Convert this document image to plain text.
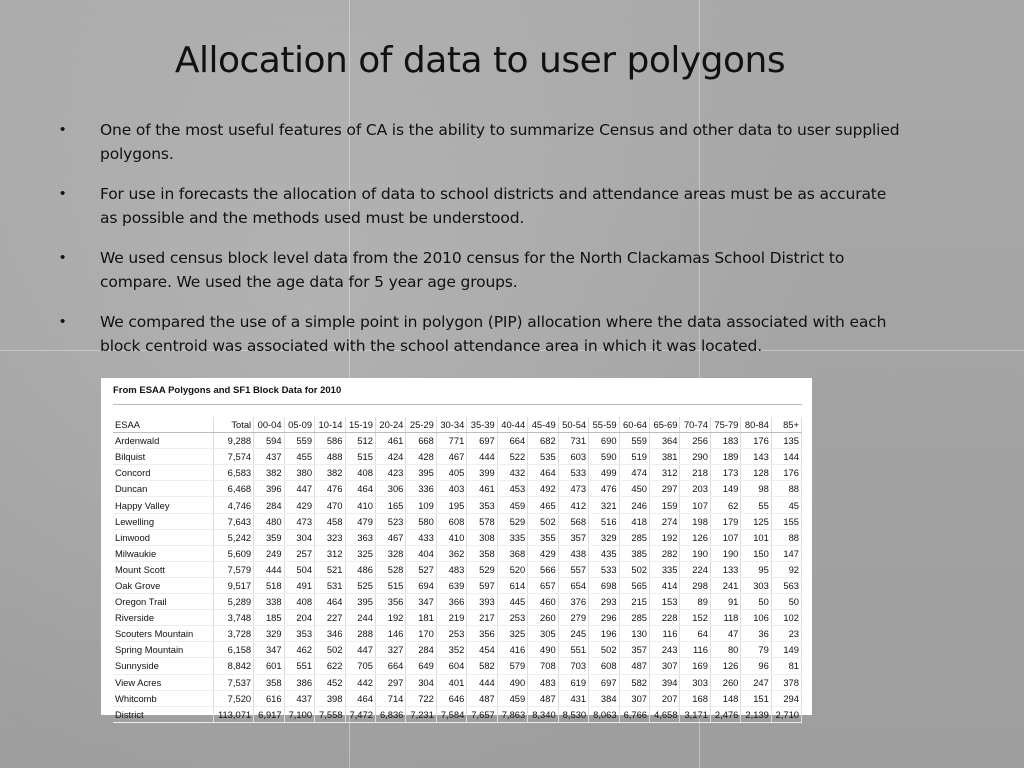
Allocation of data to user polygons
•	One of the most useful features of CA is the ability to summarize Census and other data to user supplied polygons.
•	For use in forecasts the allocation of data to school districts and attendance areas must be as accurate as possible and the methods used must be understood.
•	We used census block level data from the 2010 census for the North Clackamas School District to compare. We used the age data for 5 year age groups.
•	We compared the use of a simple point in polygon (PIP) allocation where the data associated with each block centroid was associated with the school attendance area in which it was located.
From ESAA Polygons and SF1 Block Data for 2010
ESAA	Total	00-04	05-09	10-14	15-19	20-24	25-29	30-34	35-39	40-44	45-49	50-54	55-59	60-64	65-69	70-74	75-79	80-84	85+
Ardenwald	9,288	594	559	586	512	461	668	771	697	664	682	731	690	559	364	256	183	176	135
Bilquist	7,574	437	455	488	515	424	428	467	444	522	535	603	590	519	381	290	189	143	144
Concord	6,583	382	380	382	408	423	395	405	399	432	464	533	499	474	312	218	173	128	176
Duncan	6,468	396	447	476	464	306	336	403	461	453	492	473	476	450	297	203	149	98	88
Happy Valley	4,746	284	429	470	410	165	109	195	353	459	465	412	321	246	159	107	62	55	45
Lewelling	7,643	480	473	458	479	523	580	608	578	529	502	568	516	418	274	198	179	125	155
Linwood	5,242	359	304	323	363	467	433	410	308	335	355	357	329	285	192	126	107	101	88
Milwaukie	5,609	249	257	312	325	328	404	362	358	368	429	438	435	385	282	190	190	150	147
Mount Scott	7,579	444	504	521	486	528	527	483	529	520	566	557	533	502	335	224	133	95	92
Oak Grove	9,517	518	491	531	525	515	694	639	597	614	657	654	698	565	414	298	241	303	563
Oregon Trail	5,289	338	408	464	395	356	347	366	393	445	460	376	293	215	153	89	91	50	50
Riverside	3,748	185	204	227	244	192	181	219	217	253	260	279	296	285	228	152	118	106	102
Scouters Mountain	3,728	329	353	346	288	146	170	253	356	325	305	245	196	130	116	64	47	36	23
Spring Mountain	6,158	347	462	502	447	327	284	352	454	416	490	551	502	357	243	116	80	79	149
Sunnyside	8,842	601	551	622	705	664	649	604	582	579	708	703	608	487	307	169	126	96	81
View Acres	7,537	358	386	452	442	297	304	401	444	490	483	619	697	582	394	303	260	247	378
Whitcomb	7,520	616	437	398	464	714	722	646	487	459	487	431	384	307	207	168	148	151	294
District	113,071	6,917	7,100	7,558	7,472	6,836	7,231	7,584	7,657	7,863	8,340	8,530	8,063	6,766	4,658	3,171	2,476	2,139	2,710
